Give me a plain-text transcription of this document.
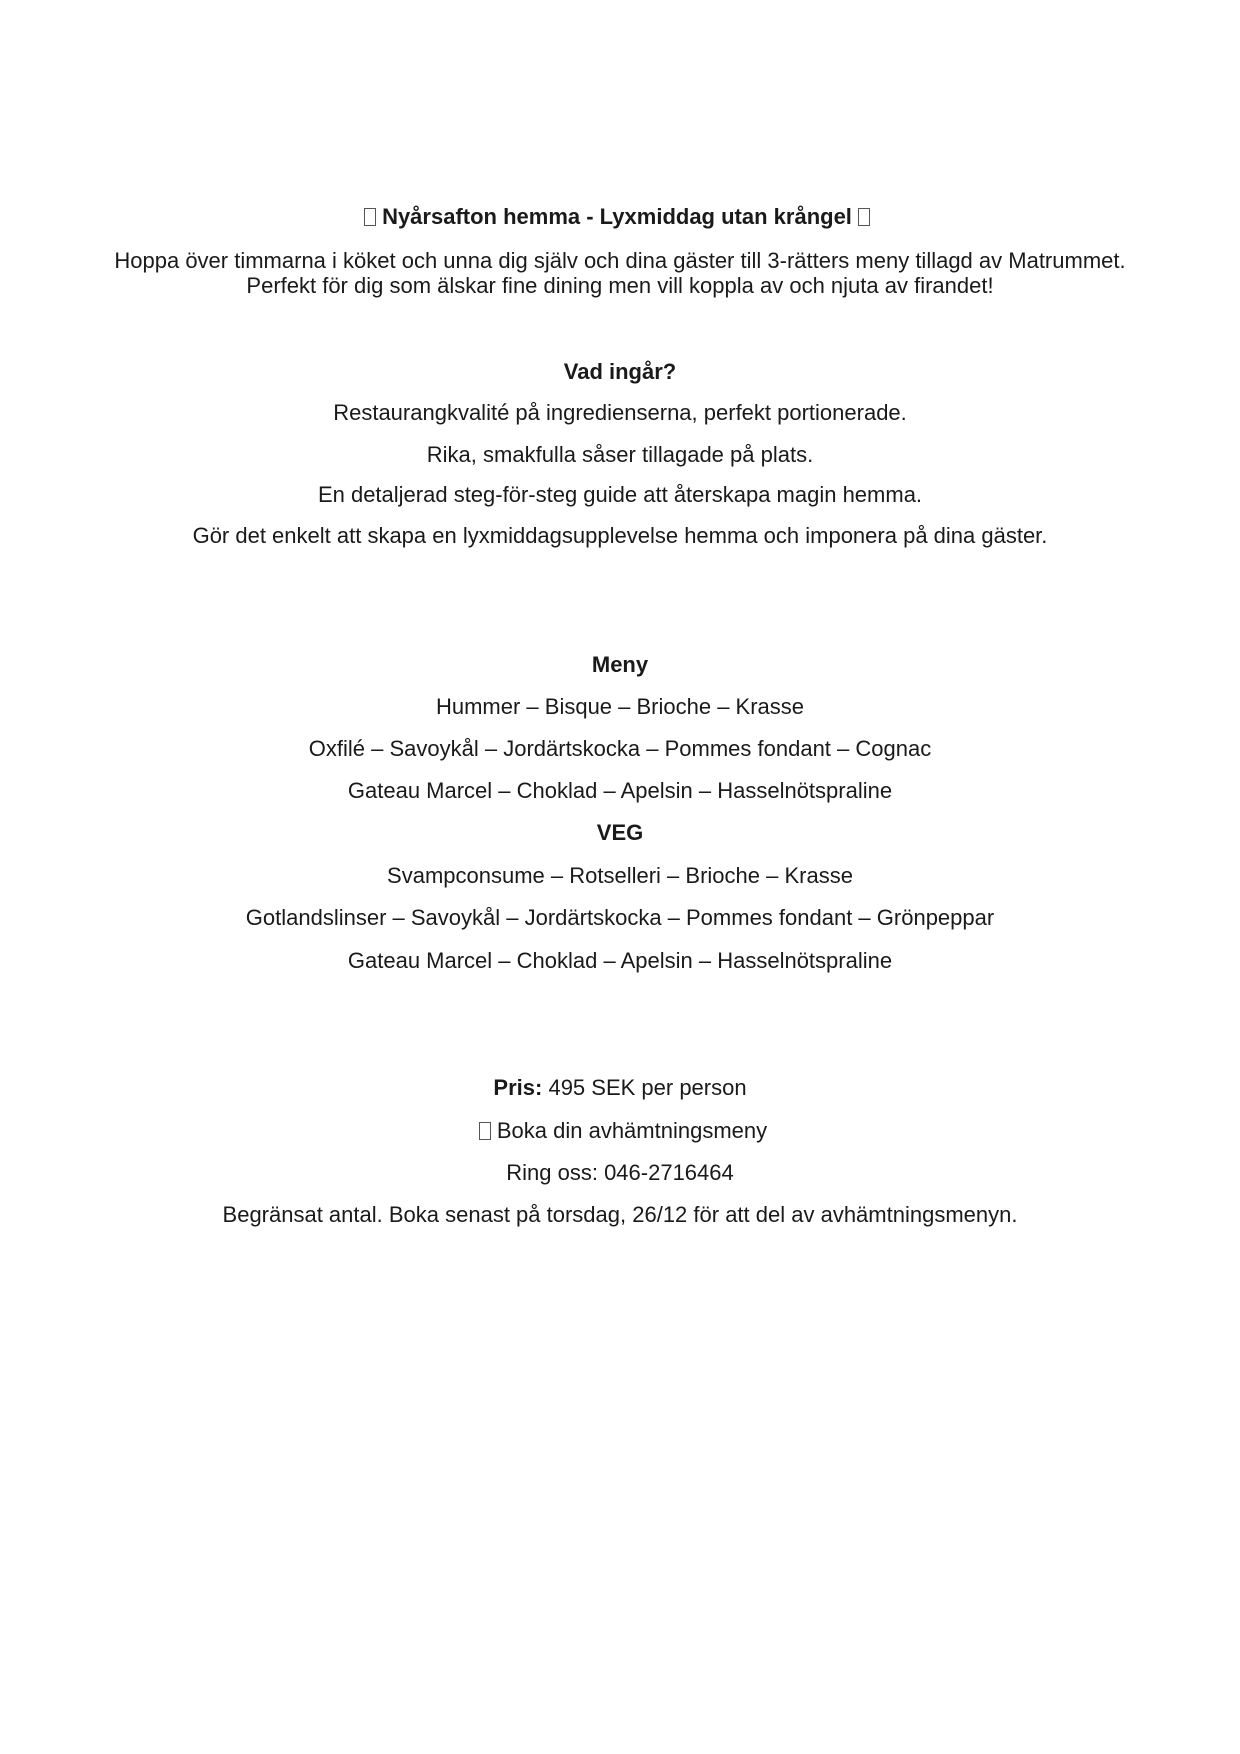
Nyårsafton hemma - Lyxmiddag utan krångel
Hoppa över timmarna i köket och unna dig själv och dina gäster till 3-rätters meny tillagd av Matrummet.
Perfekt för dig som älskar fine dining men vill koppla av och njuta av firandet!
Vad ingår?
Restaurangkvalité på ingredienserna, perfekt portionerade.
Rika, smakfulla såser tillagade på plats.
En detaljerad steg-för-steg guide att återskapa magin hemma.
Gör det enkelt att skapa en lyxmiddagsupplevelse hemma och imponera på dina gäster.
Meny
Hummer – Bisque – Brioche – Krasse
Oxfilé – Savoykål – Jordärtskocka – Pommes fondant – Cognac
Gateau Marcel – Choklad – Apelsin – Hasselnötspraline
VEG
Svampconsume – Rotselleri – Brioche – Krasse
Gotlandslinser – Savoykål – Jordärtskocka – Pommes fondant – Grönpeppar
Gateau Marcel – Choklad – Apelsin – Hasselnötspraline
Pris: 495 SEK per person
Boka din avhämtningsmeny
Ring oss: 046-2716464
Begränsat antal. Boka senast på torsdag, 26/12 för att del av avhämtningsmenyn.
